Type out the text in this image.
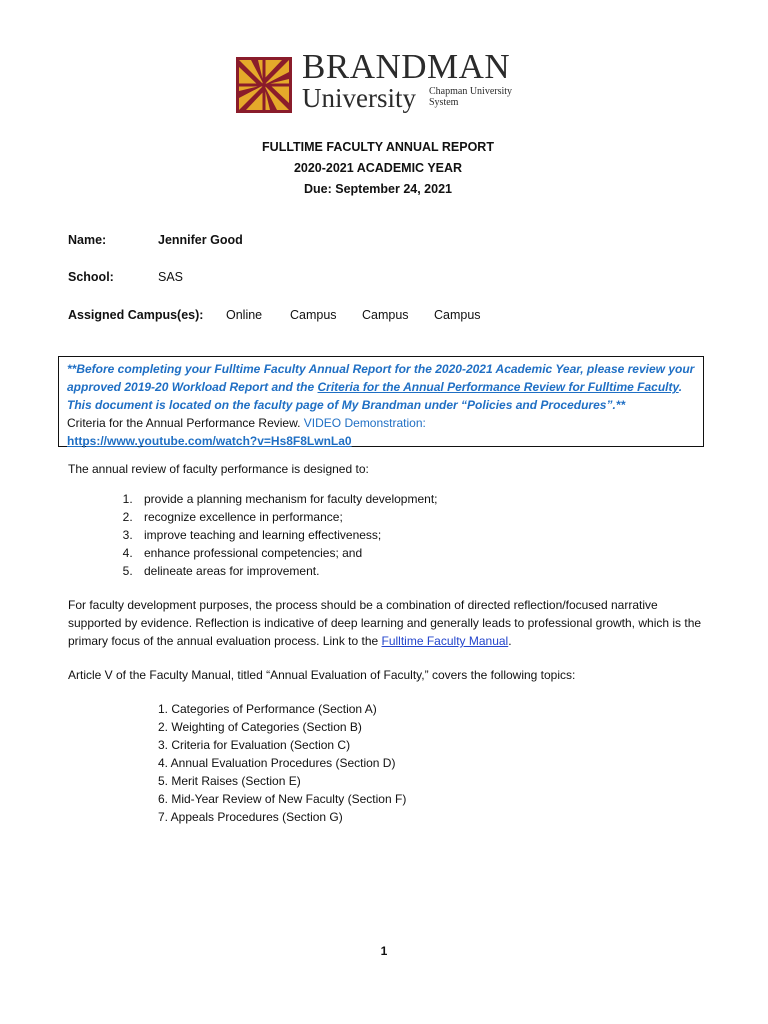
BRANDMAN
University Chapman University
System
FULLTIME FACULTY ANNUAL REPORT
2020-2021 ACADEMIC YEAR
Due: September 24, 2021
Name:	Jennifer Good
School:	SAS
Assigned Campus(es): Online Campus Campus Campus
**Before completing your Fulltime Faculty Annual Report for the 2020-2021 Academic Year, please review your approved 2019-20 Workload Report and the Criteria for the Annual Performance Review for Fulltime Faculty. This document is located on the faculty page of My Brandman under “Policies and Procedures”.**
Criteria for the Annual Performance Review. VIDEO Demonstration:
https://www.youtube.com/watch?v=Hs8F8LwnLa0
The annual review of faculty performance is designed to:
1. provide a planning mechanism for faculty development;
2. recognize excellence in performance;
3. improve teaching and learning effectiveness;
4. enhance professional competencies; and
5. delineate areas for improvement.
For faculty development purposes, the process should be a combination of directed reflection/focused narrative supported by evidence. Reflection is indicative of deep learning and generally leads to professional growth, which is the primary focus of the annual evaluation process. Link to the Fulltime Faculty Manual.
Article V of the Faculty Manual, titled “Annual Evaluation of Faculty,” covers the following topics:
1. Categories of Performance (Section A)
2. Weighting of Categories (Section B)
3. Criteria for Evaluation (Section C)
4. Annual Evaluation Procedures (Section D)
5. Merit Raises (Section E)
6. Mid-Year Review of New Faculty (Section F)
7. Appeals Procedures (Section G)
1
